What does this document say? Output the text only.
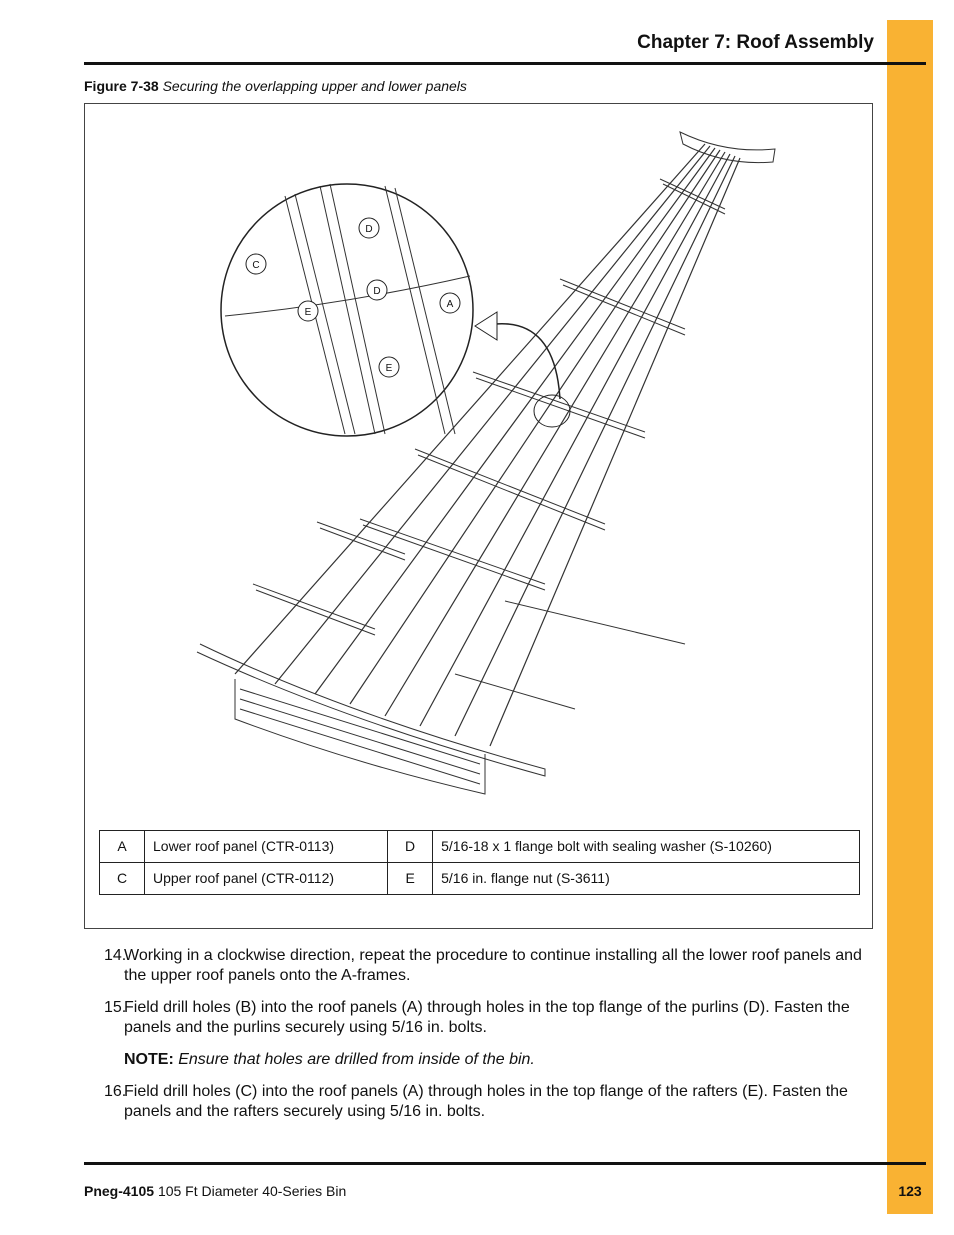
Chapter 7: Roof Assembly
Figure 7-38 Securing the overlapping upper and lower panels
C
D
D
E
A
E
A	Lower roof panel (CTR-0113)	D	5/16-18 x 1 flange bolt with sealing washer (S-10260)
C	Upper roof panel (CTR-0112)	E	5/16 in. flange nut (S-3611)
14.
Working in a clockwise direction, repeat the procedure to continue installing all the lower roof panels and the upper roof panels onto the A-frames.
15.
Field drill holes (B) into the roof panels (A) through holes in the top flange of the purlins (D). Fasten the panels and the purlins securely using 5/16 in. bolts.
NOTE: Ensure that holes are drilled from inside of the bin.
16.
Field drill holes (C) into the roof panels (A) through holes in the top flange of the rafters (E). Fasten the panels and the rafters securely using 5/16 in. bolts.
Pneg-4105 105 Ft Diameter 40-Series Bin	123
